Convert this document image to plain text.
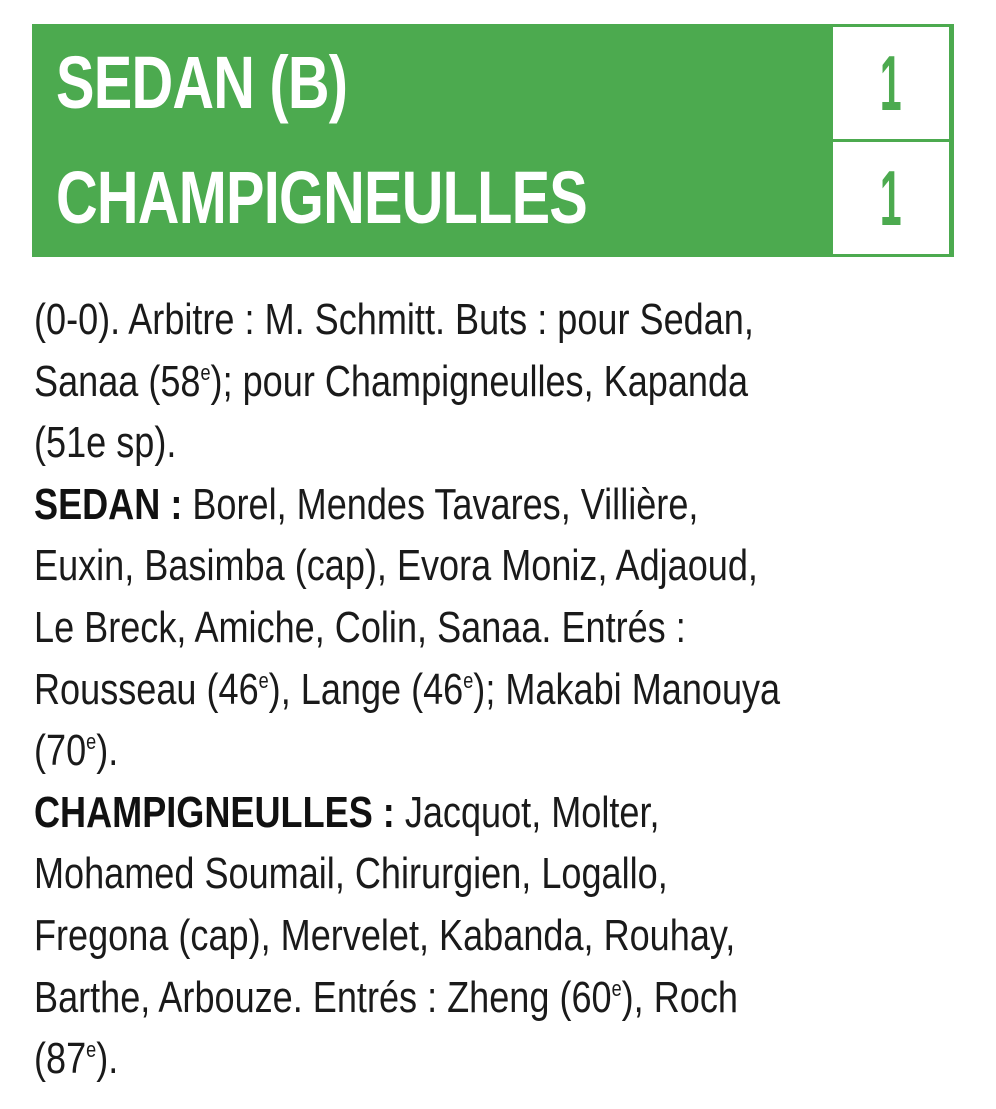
SEDAN (B)	1
CHAMPIGNEULLES	1

(0-0). Arbitre : M. Schmitt. Buts : pour Sedan,
Sanaa (58e); pour Champigneulles, Kapanda
(51e sp).

SEDAN : Borel, Mendes Tavares, Villière,
Euxin, Basimba (cap), Evora Moniz, Adjaoud,
Le Breck, Amiche, Colin, Sanaa. Entrés :
Rousseau (46e), Lange (46e); Makabi Manouya
(70e).

CHAMPIGNEULLES : Jacquot, Molter,
Mohamed Soumail, Chirurgien, Logallo,
Fregona (cap), Mervelet, Kabanda, Rouhay,
Barthe, Arbouze. Entrés : Zheng (60e), Roch
(87e).
